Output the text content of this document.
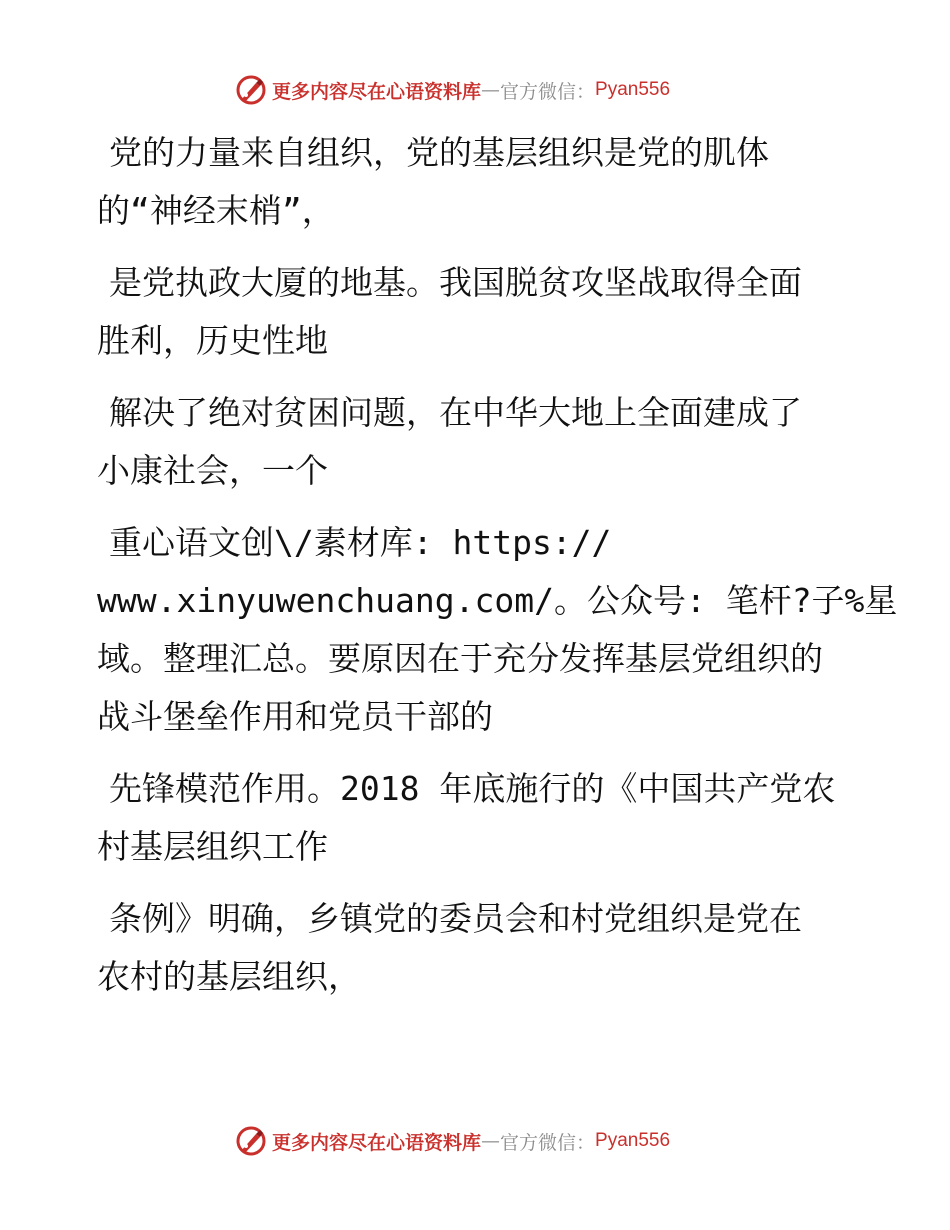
更多内容尽在心语资料库 — 官方微信： Pyan556

党的力量来自组织，党的基层组织是党的肌体
的“神经末梢”，

是党执政大厦的地基。我国脱贫攻坚战取得全面
胜利，历史性地

解决了绝对贫困问题，在中华大地上全面建成了
小康社会，一个

重心语文创\/素材库: https://
www.xinyuwenchuang.com/。公众号: 笔杆?子%星
域。整理汇总。要原因在于充分发挥基层党组织的
战斗堡垒作用和党员干部的

先锋模范作用。2018 年底施行的《中国共产党农
村基层组织工作

条例》明确，乡镇党的委员会和村党组织是党在
农村的基层组织，

更多内容尽在心语资料库 — 官方微信： Pyan556
